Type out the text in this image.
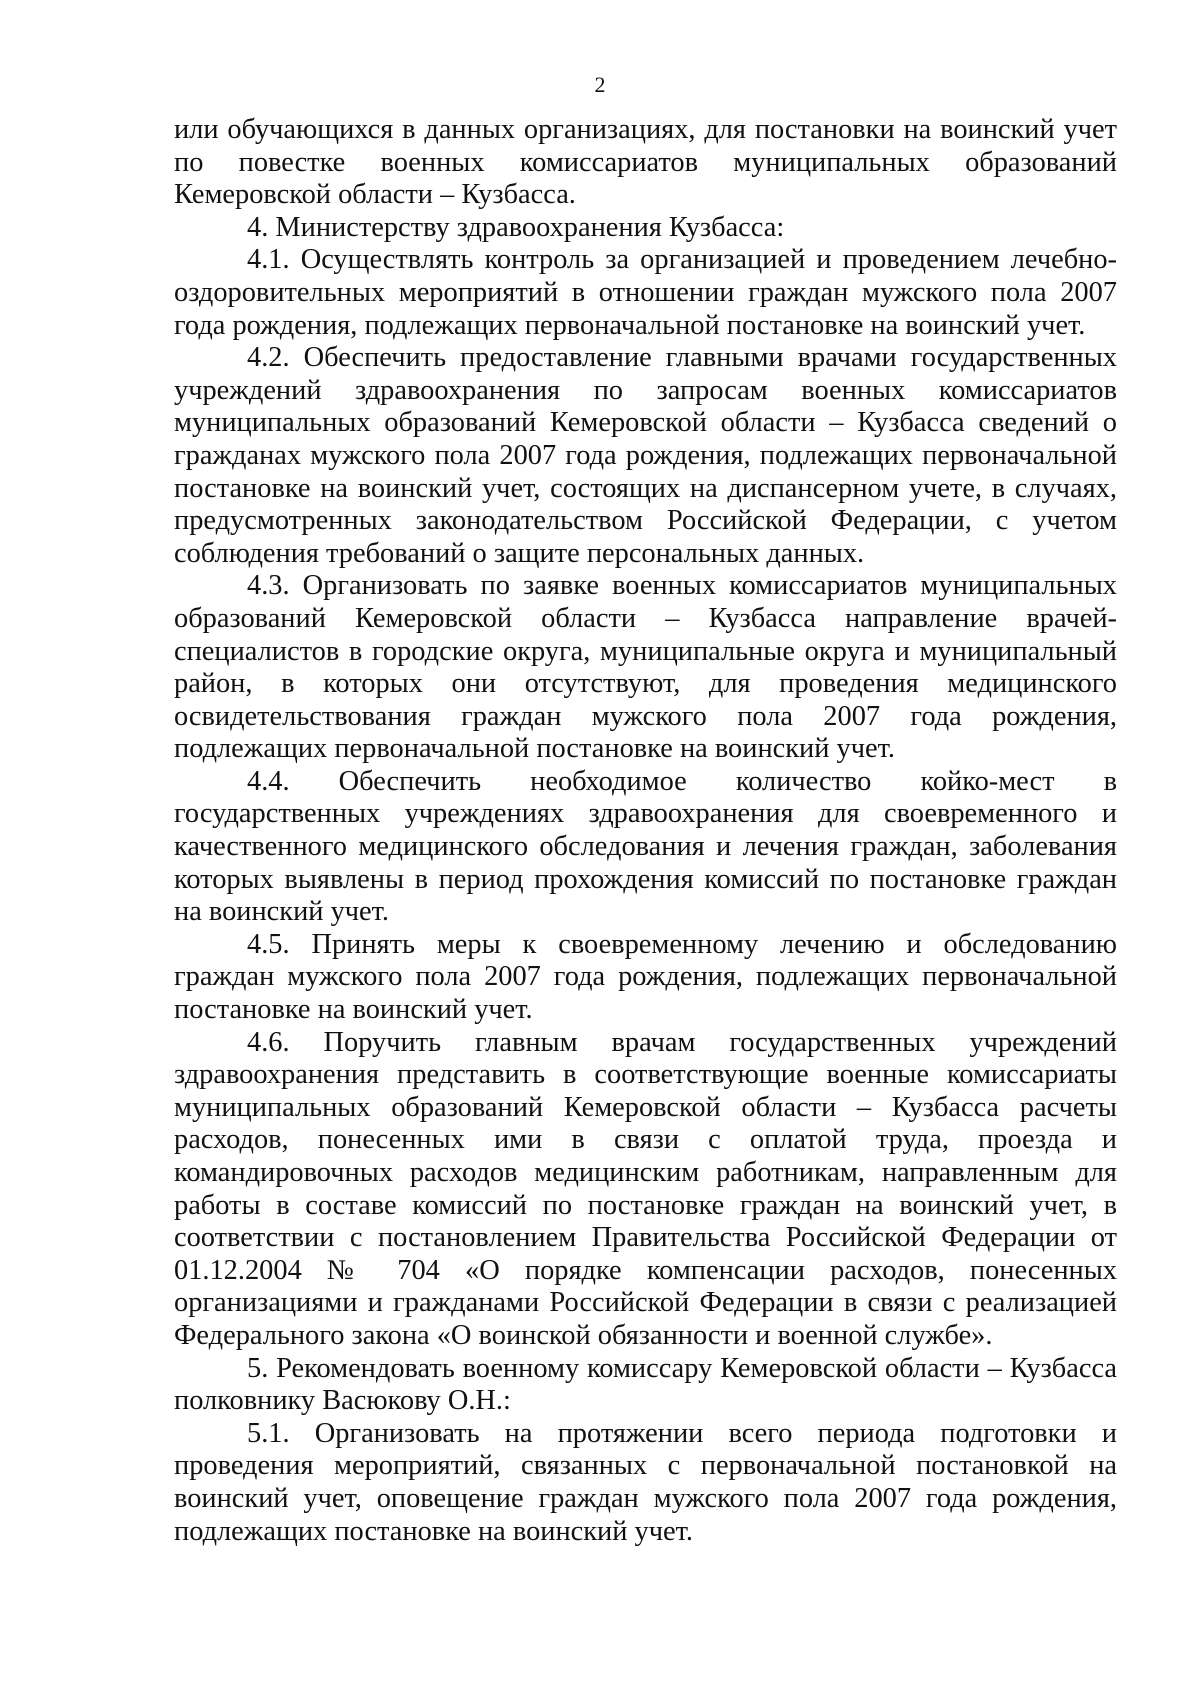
2

или обучающихся в данных организациях, для постановки на воинский учет по повестке военных комиссариатов муниципальных образований Кемеровской области – Кузбасса.

4. Министерству здравоохранения Кузбасса:

4.1. Осуществлять контроль за организацией и проведением лечебно-оздоровительных мероприятий в отношении граждан мужского пола 2007 года рождения, подлежащих первоначальной постановке на воинский учет.

4.2. Обеспечить предоставление главными врачами государственных учреждений здравоохранения по запросам военных комиссариатов муниципальных образований Кемеровской области – Кузбасса сведений о гражданах мужского пола 2007 года рождения, подлежащих первоначальной постановке на воинский учет, состоящих на диспансерном учете, в случаях, предусмотренных законодательством Российской Федерации, с учетом соблюдения требований о защите персональных данных.

4.3. Организовать по заявке военных комиссариатов муниципальных образований Кемеровской области – Кузбасса направление врачей-специалистов в городские округа, муниципальные округа и муниципальный район, в которых они отсутствуют, для проведения медицинского освидетельствования граждан мужского пола 2007 года рождения, подлежащих первоначальной постановке на воинский учет.

4.4. Обеспечить необходимое количество койко-мест в государственных учреждениях здравоохранения для своевременного и качественного медицинского обследования и лечения граждан, заболевания которых выявлены в период прохождения комиссий по постановке граждан на воинский учет.

4.5. Принять меры к своевременному лечению и обследованию граждан мужского пола 2007 года рождения, подлежащих первоначальной постановке на воинский учет.

4.6. Поручить главным врачам государственных учреждений здравоохранения представить в соответствующие военные комиссариаты муниципальных образований Кемеровской области – Кузбасса расчеты расходов, понесенных ими в связи с оплатой труда, проезда и командировочных расходов медицинским работникам, направленным для работы в составе комиссий по постановке граждан на воинский учет, в соответствии с постановлением Правительства Российской Федерации от 01.12.2004 № 704 «О порядке компенсации расходов, понесенных организациями и гражданами Российской Федерации в связи с реализацией Федерального закона «О воинской обязанности и военной службе».

5. Рекомендовать военному комиссару Кемеровской области – Кузбасса полковнику Васюкову О.Н.:

5.1. Организовать на протяжении всего периода подготовки и проведения мероприятий, связанных с первоначальной постановкой на воинский учет, оповещение граждан мужского пола 2007 года рождения, подлежащих постановке на воинский учет.
